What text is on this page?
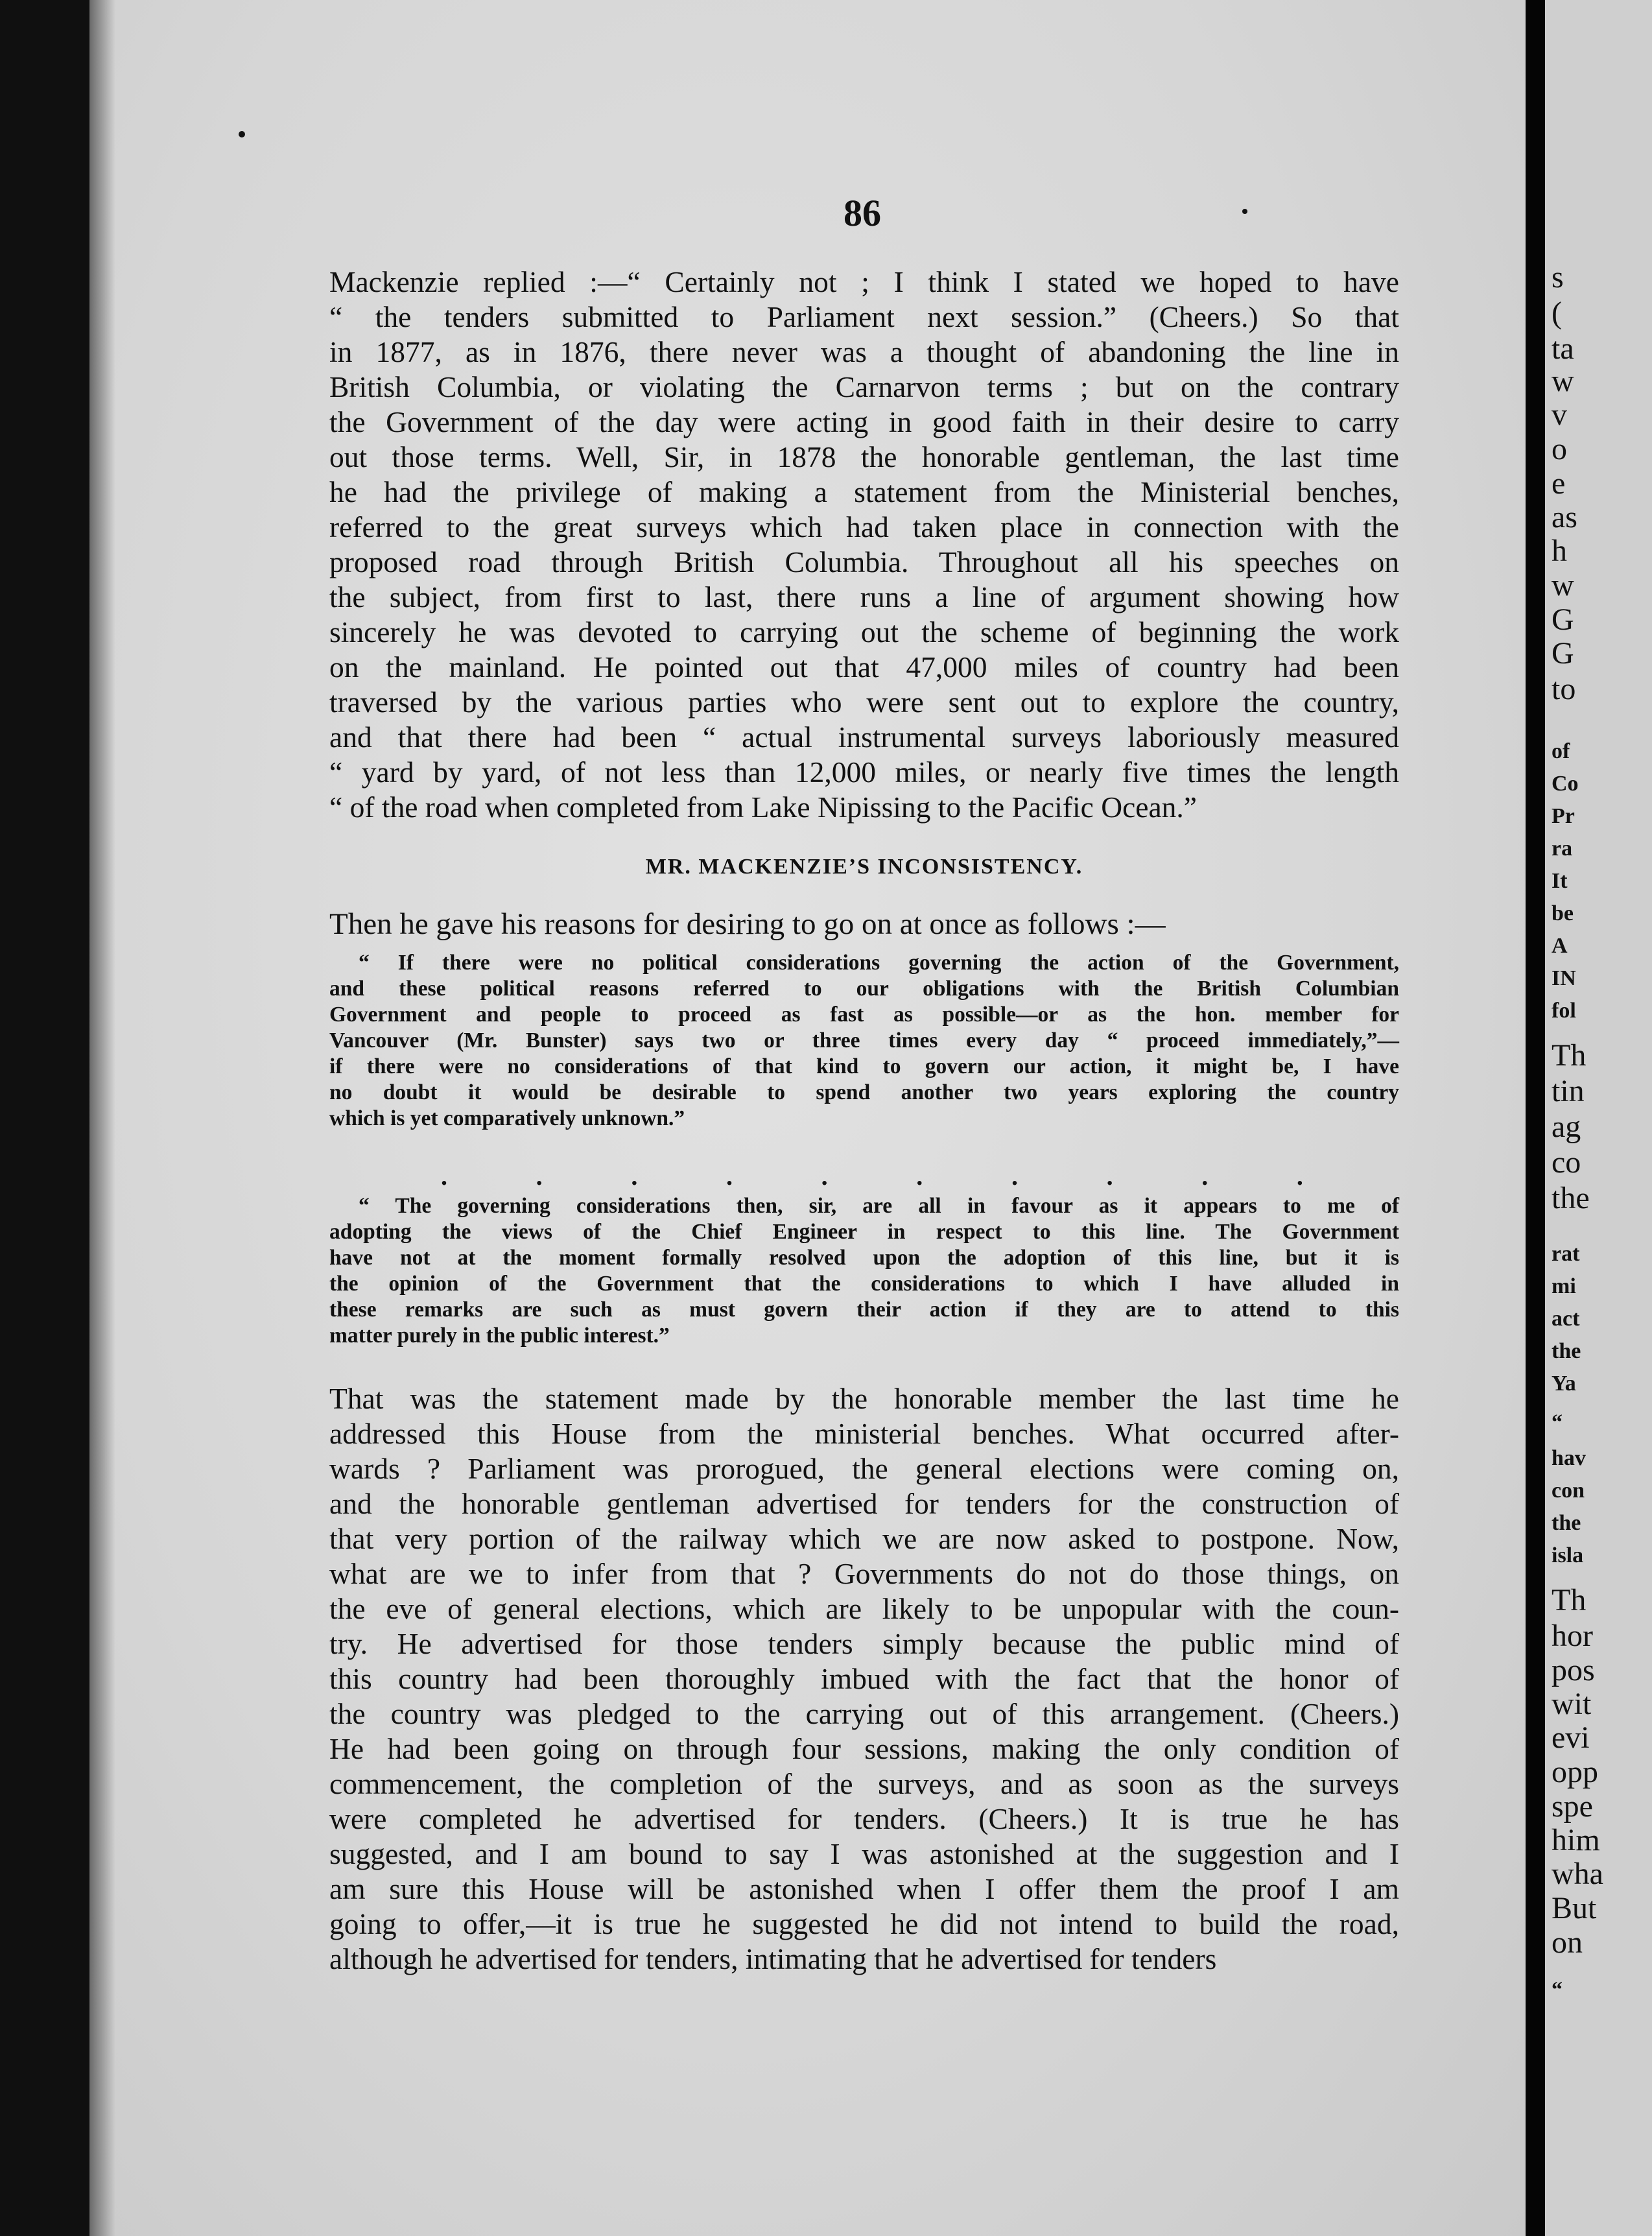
s
(
ta
w
v
o
e
as
h
w
G
G
to
of
Co
Pr
ra
It
be
A
IN
fol
Th
tin
ag
co
the
rat
mi
act
the
Ya
“
hav
con
the
isla
Th
hor
pos
wit
evi
opp
spe
him
wha
But
on
“
86
Mackenzie replied :—“ Certainly not ; I think I stated we hoped to have
“ the tenders submitted to Parliament next session.” (Cheers.) So that
in 1877, as in 1876, there never was a thought of abandoning the line in
British Columbia, or violating the Carnarvon terms ; but on the contrary
the Government of the day were acting in good faith in their desire to carry
out those terms. Well, Sir, in 1878 the honorable gentleman, the last time
he had the privilege of making a statement from the Ministerial benches,
referred to the great surveys which had taken place in connection with the
proposed road through British Columbia. Throughout all his speeches on
the subject, from first to last, there runs a line of argument showing how
sincerely he was devoted to carrying out the scheme of beginning the work
on the mainland. He pointed out that 47,000 miles of country had been
traversed by the various parties who were sent out to explore the country,
and that there had been “ actual instrumental surveys laboriously measured
“ yard by yard, of not less than 12,000 miles, or nearly five times the length
“ of the road when completed from Lake Nipissing to the Pacific Ocean.”
MR. MACKENZIE’S INCONSISTENCY.
Then he gave his reasons for desiring to go on at once as follows :—
“ If there were no political considerations governing the action of the Government,
and these political reasons referred to our obligations with the British Columbian
Government and people to proceed as fast as possible—or as the hon. member for
Vancouver (Mr. Bunster) says two or three times every day “ proceed immediately,”—
if there were no considerations of that kind to govern our action, it might be, I have
no doubt it would be desirable to spend another two years exploring the country
which is yet comparatively unknown.”
.	.	.	.	.	.	.	.	.	.
“ The governing considerations then, sir, are all in favour as it appears to me of
adopting the views of the Chief Engineer in respect to this line. The Government
have not at the moment formally resolved upon the adoption of this line, but it is
the opinion of the Government that the considerations to which I have alluded in
these remarks are such as must govern their action if they are to attend to this
matter purely in the public interest.”
That was the statement made by the honorable member the last time he
addressed this House from the ministerial benches. What occurred after-
wards ? Parliament was prorogued, the general elections were coming on,
and the honorable gentleman advertised for tenders for the construction of
that very portion of the railway which we are now asked to postpone. Now,
what are we to infer from that ? Governments do not do those things, on
the eve of general elections, which are likely to be unpopular with the coun-
try. He advertised for those tenders simply because the public mind of
this country had been thoroughly imbued with the fact that the honor of
the country was pledged to the carrying out of this arrangement. (Cheers.)
He had been going on through four sessions, making the only condition of
commencement, the completion of the surveys, and as soon as the surveys
were completed he advertised for tenders. (Cheers.) It is true he has
suggested, and I am bound to say I was astonished at the suggestion and I
am sure this House will be astonished when I offer them the proof I am
going to offer,—it is true he suggested he did not intend to build the road,
although he advertised for tenders, intimating that he advertised for tenders
